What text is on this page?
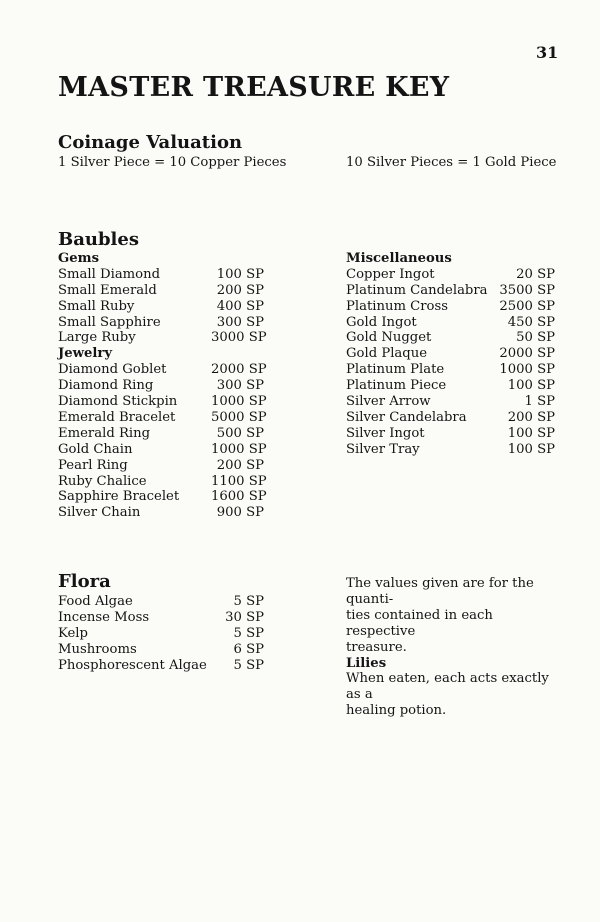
31
MASTER TREASURE KEY
Coinage Valuation
1 Silver Piece = 10 Copper Pieces	10 Silver Pieces = 1 Gold Piece
Baubles
Gems
Small Diamond	100 SP
Small Emerald	200 SP
Small Ruby	400 SP
Small Sapphire	300 SP
Large Ruby	3000 SP
Jewelry
Diamond Goblet	2000 SP
Diamond Ring	300 SP
Diamond Stickpin	1000 SP
Emerald Bracelet	5000 SP
Emerald Ring	500 SP
Gold Chain	1000 SP
Pearl Ring	200 SP
Ruby Chalice	1100 SP
Sapphire Bracelet	1600 SP
Silver Chain	900 SP
Miscellaneous
Copper Ingot	20 SP
Platinum Candelabra 3500 SP
Platinum Cross	2500 SP
Gold Ingot	450 SP
Gold Nugget	50 SP
Gold Plaque	2000 SP
Platinum Plate	1000 SP
Platinum Piece	100 SP
Silver Arrow	1 SP
Silver Candelabra	200 SP
Silver Ingot	100 SP
Silver Tray	100 SP
Flora
Food Algae	5 SP
Incense Moss	30 SP
Kelp	5 SP
Mushrooms	6 SP
Phosphorescent Algae	5 SP

The values given are for the quanti-

ties contained in each respective

treasure.

Lilies

When eaten, each acts exactly as a

healing potion.
